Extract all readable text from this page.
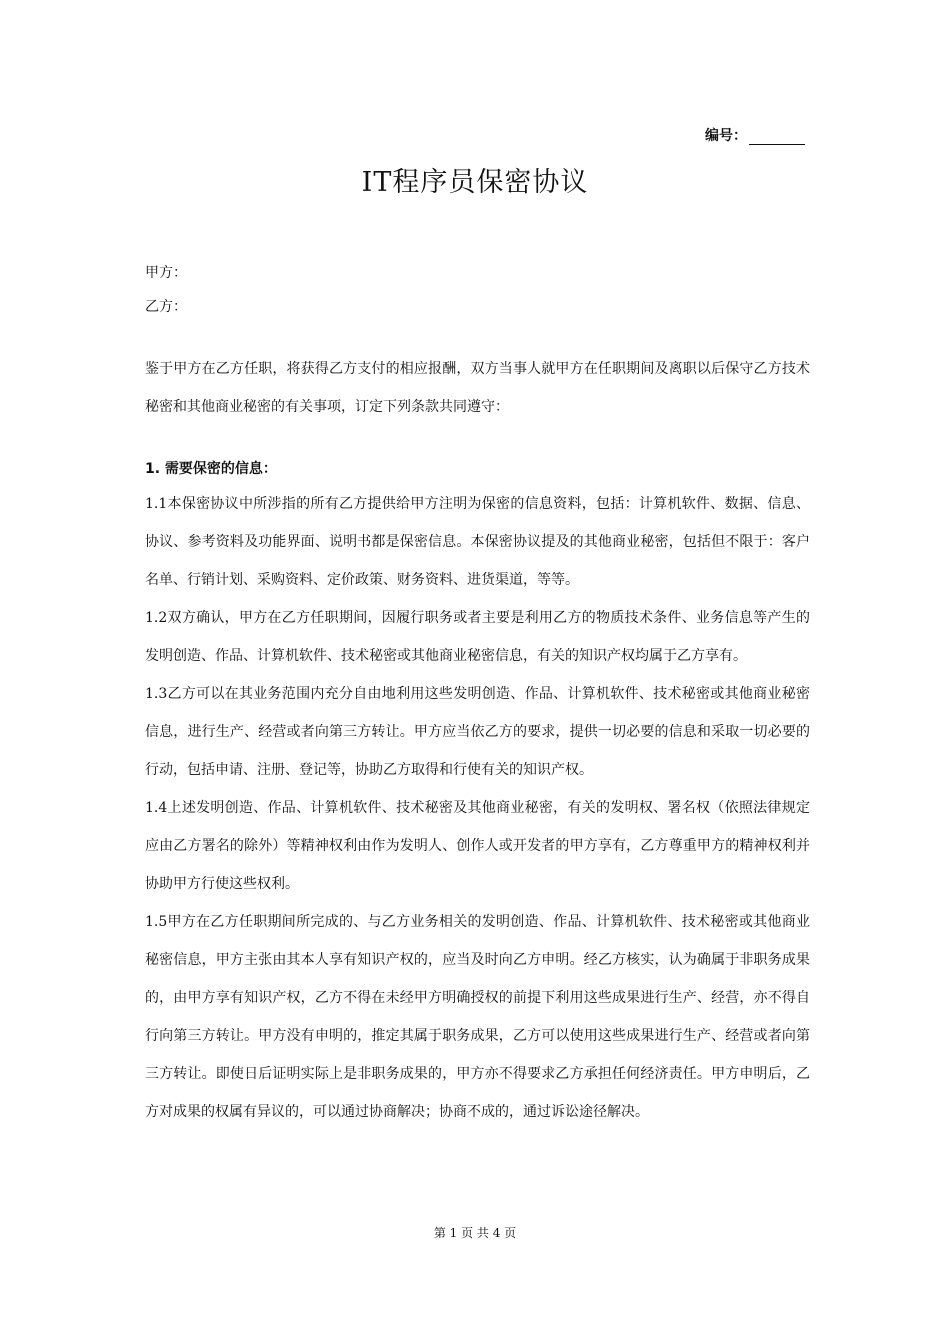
编号：
IT程序员保密协议
甲方：
乙方：

鉴于甲方在乙方任职，将获得乙方支付的相应报酬，双方当事人就甲方在任职期间及离职以后保守乙方技术秘密和其他商业秘密的有关事项，订定下列条款共同遵守：

1. 需要保密的信息：

1.1本保密协议中所涉指的所有乙方提供给甲方注明为保密的信息资料，包括：计算机软件、数据、信息、协议、参考资料及功能界面、说明书都是保密信息。本保密协议提及的其他商业秘密，包括但不限于：客户名单、行销计划、采购资料、定价政策、财务资料、进货渠道，等等。

1.2双方确认，甲方在乙方任职期间，因履行职务或者主要是利用乙方的物质技术条件、业务信息等产生的发明创造、作品、计算机软件、技术秘密或其他商业秘密信息，有关的知识产权均属于乙方享有。

1.3乙方可以在其业务范围内充分自由地利用这些发明创造、作品、计算机软件、技术秘密或其他商业秘密信息，进行生产、经营或者向第三方转让。甲方应当依乙方的要求，提供一切必要的信息和采取一切必要的行动，包括申请、注册、登记等，协助乙方取得和行使有关的知识产权。

1.4上述发明创造、作品、计算机软件、技术秘密及其他商业秘密，有关的发明权、署名权（依照法律规定应由乙方署名的除外）等精神权利由作为发明人、创作人或开发者的甲方享有，乙方尊重甲方的精神权利并协助甲方行使这些权利。

1.5甲方在乙方任职期间所完成的、与乙方业务相关的发明创造、作品、计算机软件、技术秘密或其他商业秘密信息，甲方主张由其本人享有知识产权的，应当及时向乙方申明。经乙方核实，认为确属于非职务成果的，由甲方享有知识产权，乙方不得在未经甲方明确授权的前提下利用这些成果进行生产、经营，亦不得自行向第三方转让。甲方没有申明的，推定其属于职务成果，乙方可以使用这些成果进行生产、经营或者向第三方转让。即使日后证明实际上是非职务成果的，甲方亦不得要求乙方承担任何经济责任。甲方申明后，乙方对成果的权属有异议的，可以通过协商解决；协商不成的，通过诉讼途径解决。

第 1 页 共 4 页
